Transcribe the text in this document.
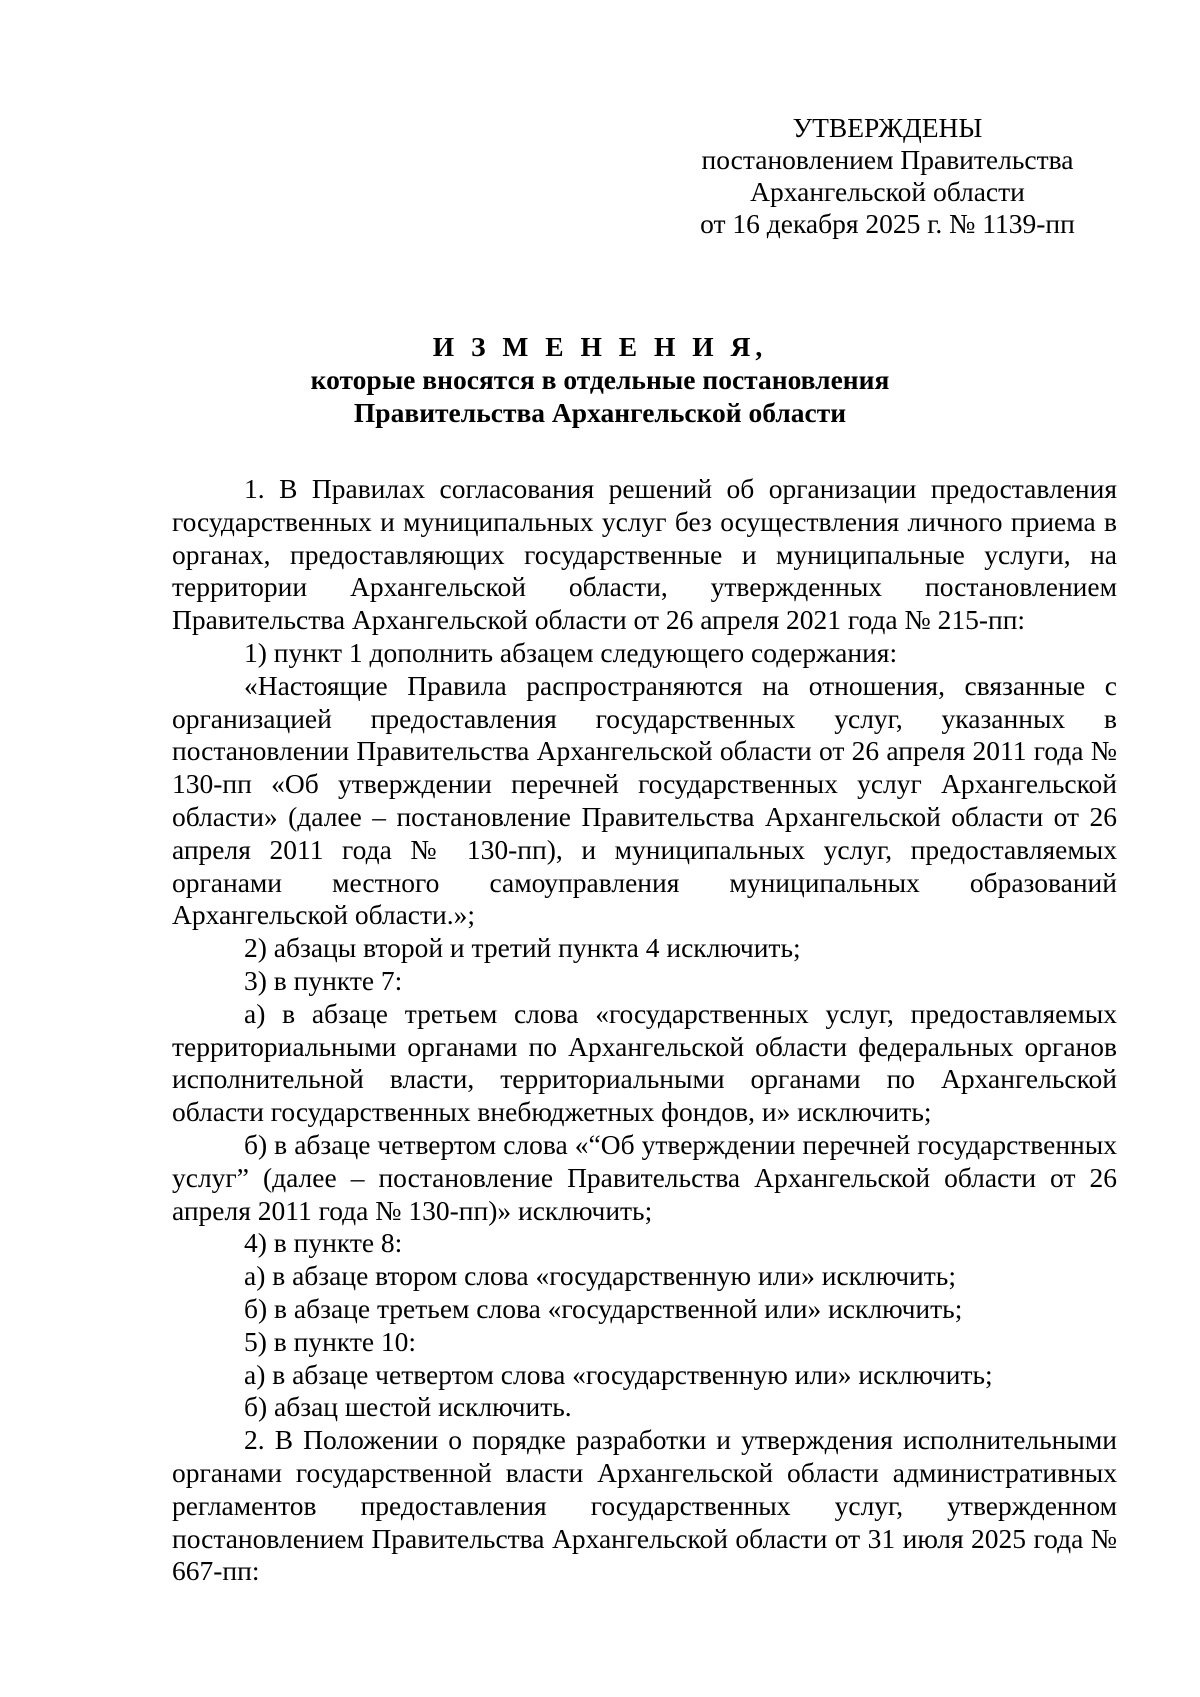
УТВЕРЖДЕНЫ
постановлением Правительства
Архангельской области
от 16 декабря 2025 г. № 1139-пп
И З М Е Н Е Н И Я,
которые вносятся в отдельные постановления
Правительства Архангельской области

1. В Правилах согласования решений об организации предоставления государственных и муниципальных услуг без осуществления личного приема в органах, предоставляющих государственные и муниципальные услуги, на территории Архангельской области, утвержденных постановлением Правительства Архангельской области от 26 апреля 2021 года № 215-пп:

1) пункт 1 дополнить абзацем следующего содержания:

«Настоящие Правила распространяются на отношения, связанные с организацией предоставления государственных услуг, указанных в постановлении Правительства Архангельской области от 26 апреля 2011 года № 130-пп «Об утверждении перечней государственных услуг Архангельской области» (далее – постановление Правительства Архангельской области от 26 апреля 2011 года № 130-пп), и муниципальных услуг, предоставляемых органами местного самоуправления муниципальных образований Архангельской области.»;

2) абзацы второй и третий пункта 4 исключить;

3) в пункте 7:

а) в абзаце третьем слова «государственных услуг, предоставляемых территориальными органами по Архангельской области федеральных органов исполнительной власти, территориальными органами по Архангельской области государственных внебюджетных фондов, и» исключить;

б) в абзаце четвертом слова «“Об утверждении перечней государственных услуг” (далее – постановление Правительства Архангельской области от 26 апреля 2011 года № 130-пп)» исключить;

4) в пункте 8:

а) в абзаце втором слова «государственную или» исключить;

б) в абзаце третьем слова «государственной или» исключить;

5) в пункте 10:

а) в абзаце четвертом слова «государственную или» исключить;

б) абзац шестой исключить.

2. В Положении о порядке разработки и утверждения исполнительными органами государственной власти Архангельской области административных регламентов предоставления государственных услуг, утвержденном постановлением Правительства Архангельской области от 31 июля 2025 года № 667-пп:
